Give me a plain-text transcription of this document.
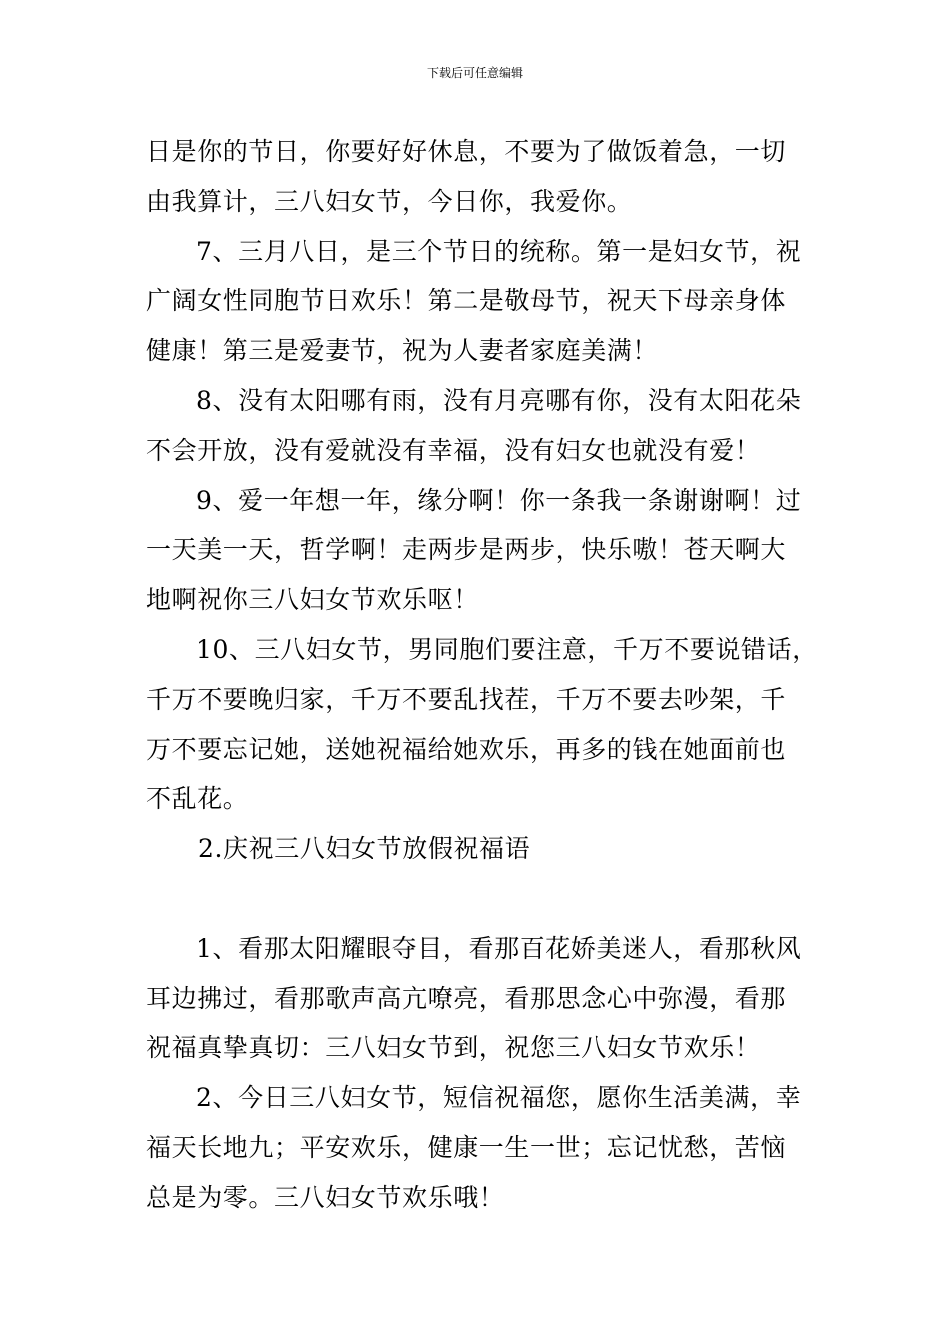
下载后可任意编辑
日是你的节日，你要好好休息，不要为了做饭着急，一切
由我算计，三八妇女节，今日你，我爱你。
7、三月八日，是三个节日的统称。第一是妇女节，祝
广阔女性同胞节日欢乐！第二是敬母节，祝天下母亲身体
健康！第三是爱妻节，祝为人妻者家庭美满！
8、没有太阳哪有雨，没有月亮哪有你，没有太阳花朵
不会开放，没有爱就没有幸福，没有妇女也就没有爱！
9、爱一年想一年，缘分啊！你一条我一条谢谢啊！过
一天美一天，哲学啊！走两步是两步，快乐嗷！苍天啊大
地啊祝你三八妇女节欢乐呕！
10、三八妇女节，男同胞们要注意，千万不要说错话，
千万不要晚归家，千万不要乱找茬，千万不要去吵架，千
万不要忘记她，送她祝福给她欢乐，再多的钱在她面前也
不乱花。
2.庆祝三八妇女节放假祝福语
1、看那太阳耀眼夺目，看那百花娇美迷人，看那秋风
耳边拂过，看那歌声高亢嘹亮，看那思念心中弥漫，看那
祝福真挚真切：三八妇女节到，祝您三八妇女节欢乐！
2、今日三八妇女节，短信祝福您，愿你生活美满，幸
福天长地九；平安欢乐，健康一生一世；忘记忧愁，苦恼
总是为零。三八妇女节欢乐哦！
